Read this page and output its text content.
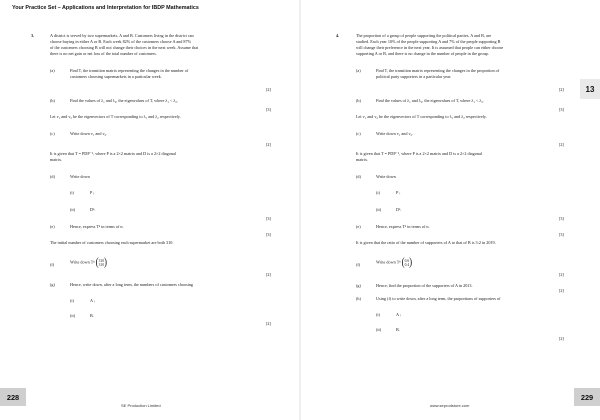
Your Practice Set – Applications and Interpretation for IBDP Mathematics
3.	A district is served by two supermarkets, A and B. Customers living in the district can
choose buying in either A or B. Each week 82% of the customers choose A and 87%
of the customers choosing B will not change their choices in the next week. Assume that
there is no net gain or net loss of the total number of customers.
(a)	Find T, the transition matrix representing the changes in the number of
customers choosing supermarkets in a particular week.
[2]
(b)	Find the values of λ₁ and λ₂, the eigenvalues of T, where λ₁ < λ₂.
[3]
Let v₁ and v₂ be the eigenvectors of T corresponding to λ₁ and λ₂ respectively.
(c)	Write down v₁ and v₂.
[2]
It is given that T = PDP⁻¹, where P is a 2×2 matrix and D is a 2×2 diagonal
matrix.
(d)	Write down
(i)	P ;
(ii)	Dⁿ.
[3]
(e)	Hence, express Tⁿ in terms of n.
[3]
The initial number of customers choosing each supermarket are both 310.
(f)
Write down Tⁿ ( 310
310 )
[2]
(g)	Hence, write down, after a long term, the numbers of customers choosing
(i)	A ;
(ii)	B.
[2]
4.	The proportion of a group of people supporting the political parties, A and B, are
studied. Each year 10% of the people supporting A and 7% of the people supporting B
will change their preference in the next year. It is assumed that people can either choose
supporting A or B, and there is no change in the number of people in the group.
(a)	Find T, the transition matrix representing the changes in the proportion of
political party supporters in a particular year.
[2]
(b)	Find the values of λ₁ and λ₂, the eigenvalues of T, where λ₁ < λ₂.
[3]
Let v₁ and v₂ be the eigenvectors of T corresponding to λ₁ and λ₂ respectively.
(c)	Write down v₁ and v₂.
[2]
It is given that T = PDP⁻¹, where P is a 2×2 matrix and D is a 2×2 diagonal
matrix.
(d)	Write down
(i)	P ;
(ii)	Dⁿ.
[3]
(e)	Hence, express Tⁿ in terms of n.
[3]
It is given that the ratio of the number of supporters of A to that of B is 3:2 in 2019.
(f)
Write down Tⁿ ( 0.6
0.4 )
[2]
(g)	Hence, find the proportion of the supporters of A in 2013.
[2]
(h)	Using (f) to write down, after a long term, the proportions of supporters of
(i)	A ;
(ii)	B.
[2]
13
228	229
SE Production Limited	www.seprodstore.com
